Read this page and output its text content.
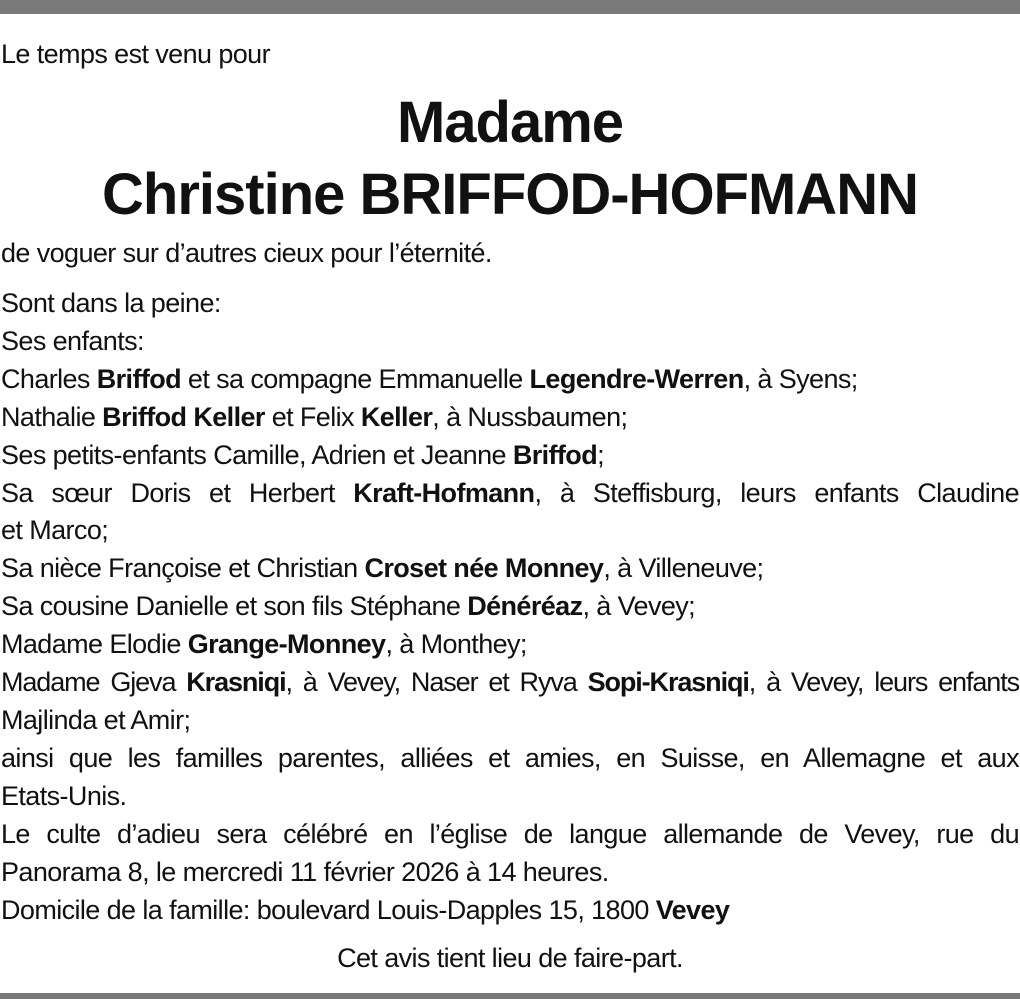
Le temps est venu pour

Madame
Christine BRIFFOD-HOFMANN
de voguer sur d’autres cieux pour l’éternité.
Sont dans la peine:
Ses enfants:
Charles Briffod et sa compagne Emmanuelle Legendre-Werren, à Syens;
Nathalie Briffod Keller et Felix Keller, à Nussbaumen;
Ses petits-enfants Camille, Adrien et Jeanne Briffod;
Sa sœur Doris et Herbert Kraft-Hofmann, à Steffisburg, leurs enfants Claudine
et Marco;
Sa nièce Françoise et Christian Croset née Monney, à Villeneuve;
Sa cousine Danielle et son fils Stéphane Dénéréaz, à Vevey;
Madame Elodie Grange-Monney, à Monthey;
Madame Gjeva Krasniqi, à Vevey, Naser et Ryva Sopi-Krasniqi, à Vevey, leurs enfants
Majlinda et Amir;
ainsi que les familles parentes, alliées et amies, en Suisse, en Allemagne et aux
Etats-Unis.
Le culte d’adieu sera célébré en l’église de langue allemande de Vevey, rue du
Panorama 8, le mercredi 11 février 2026 à 14 heures.
Domicile de la famille: boulevard Louis-Dapples 15, 1800 Vevey
Cet avis tient lieu de faire-part.
